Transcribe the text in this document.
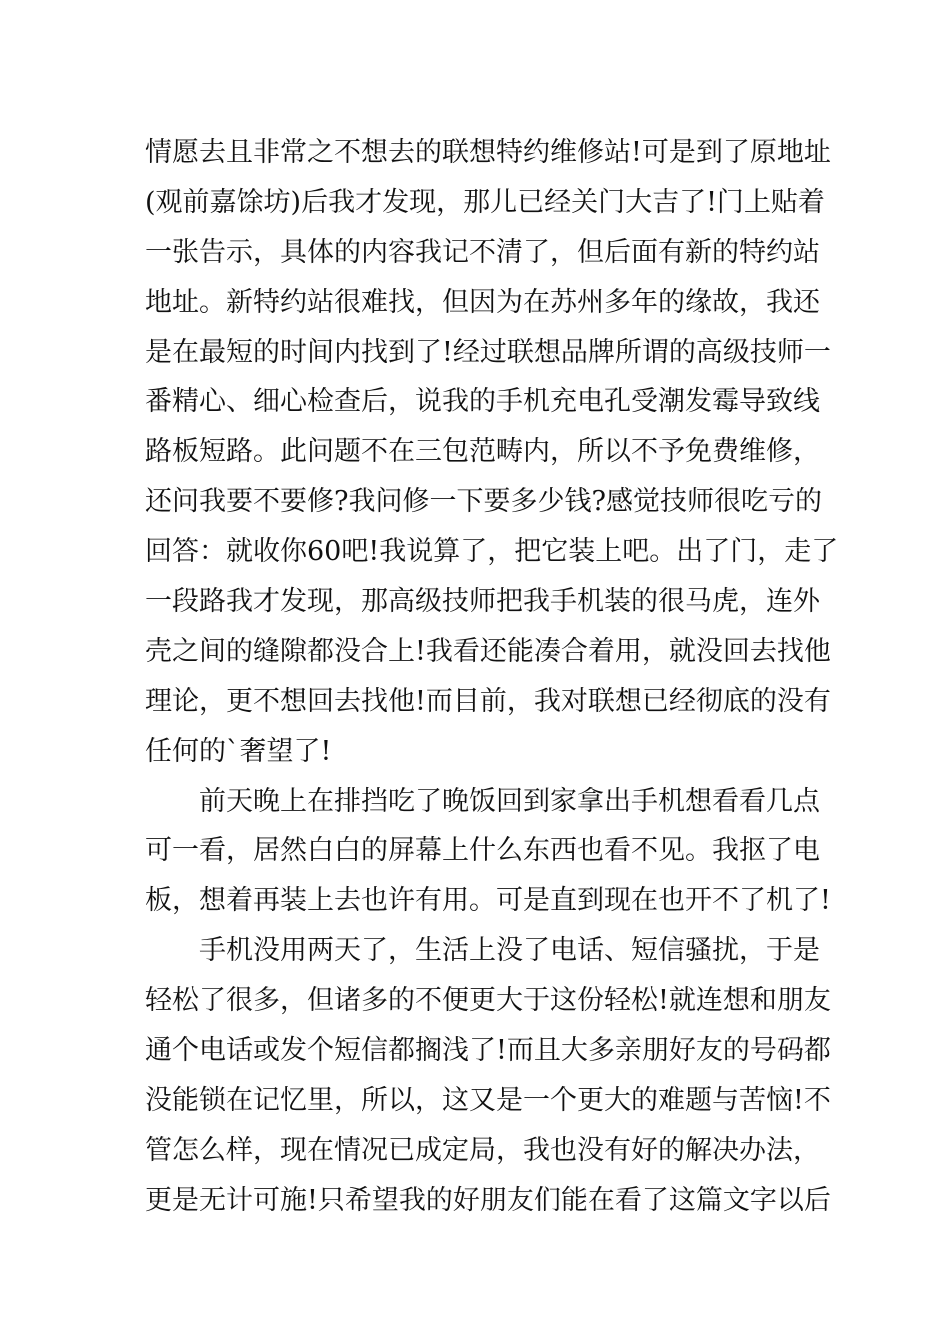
情愿去且非常之不想去的联想特约维修站!可是到了原地址
(观前嘉馀坊)后我才发现，那儿已经关门大吉了!门上贴着
一张告示，具体的内容我记不清了，但后面有新的特约站
地址。新特约站很难找，但因为在苏州多年的缘故，我还
是在最短的时间内找到了!经过联想品牌所谓的高级技师一
番精心、细心检查后，说我的手机充电孔受潮发霉导致线
路板短路。此问题不在三包范畴内，所以不予免费维修，
还问我要不要修?我问修一下要多少钱?感觉技师很吃亏的
回答：就收你60吧!我说算了，把它装上吧。出了门，走了
一段路我才发现，那高级技师把我手机装的很马虎，连外
壳之间的缝隙都没合上!我看还能凑合着用，就没回去找他
理论，更不想回去找他!而目前，我对联想已经彻底的没有
任何的`奢望了!
前天晚上在排挡吃了晚饭回到家拿出手机想看看几点
可一看，居然白白的屏幕上什么东西也看不见。我抠了电
板，想着再装上去也许有用。可是直到现在也开不了机了!
手机没用两天了，生活上没了电话、短信骚扰，于是
轻松了很多，但诸多的不便更大于这份轻松!就连想和朋友
通个电话或发个短信都搁浅了!而且大多亲朋好友的号码都
没能锁在记忆里，所以，这又是一个更大的难题与苦恼!不
管怎么样，现在情况已成定局，我也没有好的解决办法，
更是无计可施!只希望我的好朋友们能在看了这篇文字以后
